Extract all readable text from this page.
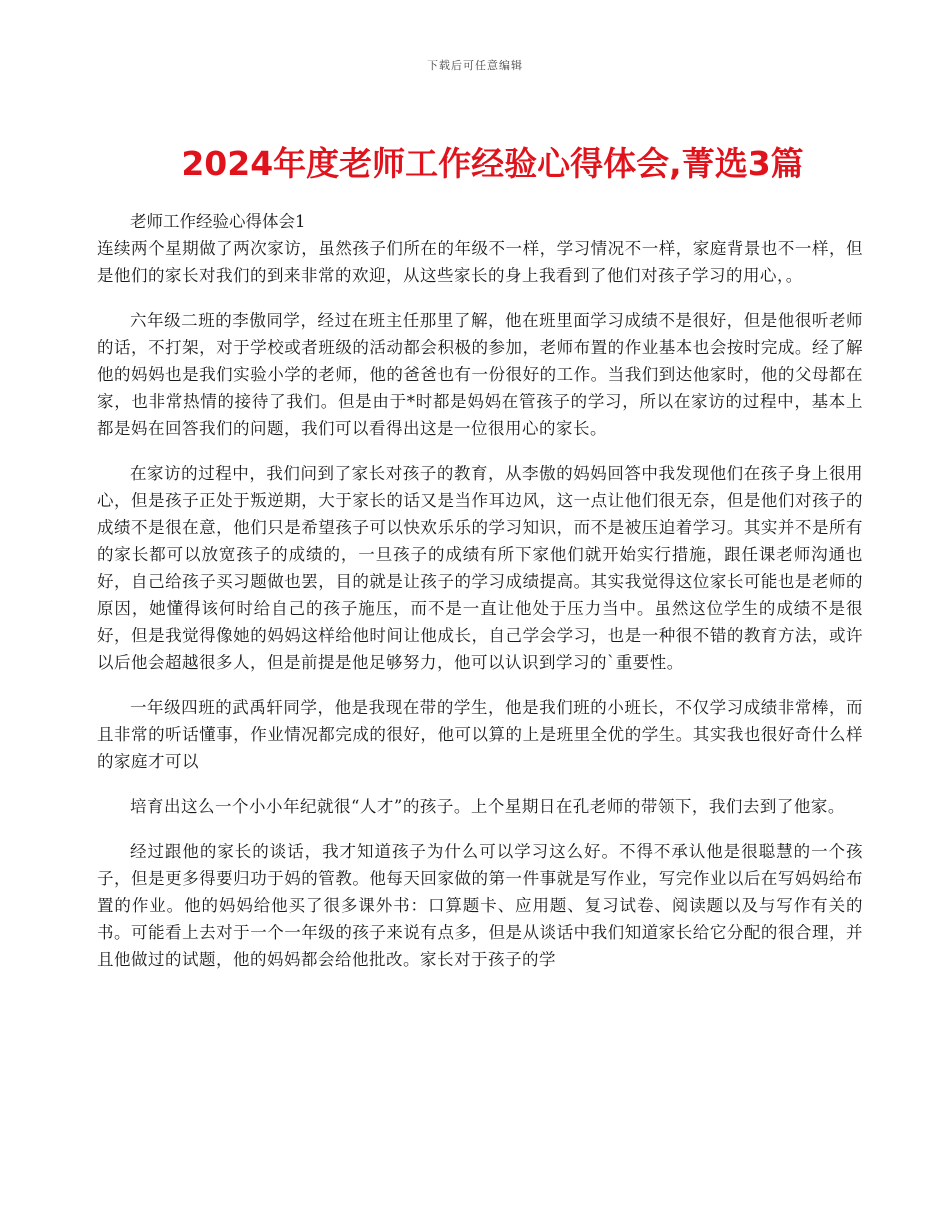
下载后可任意编辑
2024年度老师工作经验心得体会,菁选3篇
老师工作经验心得体会1

连续两个星期做了两次家访，虽然孩子们所在的年级不一样，学习情况不一样，家庭背景也不一样，但是他们的家长对我们的到来非常的欢迎，从这些家长的身上我看到了他们对孩子学习的用心，。

六年级二班的李傲同学，经过在班主任那里了解，他在班里面学习成绩不是很好，但是他很听老师的话，不打架，对于学校或者班级的活动都会积极的参加，老师布置的作业基本也会按时完成。经了解他的妈妈也是我们实验小学的老师，他的爸爸也有一份很好的工作。当我们到达他家时，他的父母都在家，也非常热情的接待了我们。但是由于*时都是妈妈在管孩子的学习，所以在家访的过程中，基本上都是妈在回答我们的问题，我们可以看得出这是一位很用心的家长。

在家访的过程中，我们问到了家长对孩子的教育，从李傲的妈妈回答中我发现他们在孩子身上很用心，但是孩子正处于叛逆期，大于家长的话又是当作耳边风，这一点让他们很无奈，但是他们对孩子的成绩不是很在意，他们只是希望孩子可以快欢乐乐的学习知识，而不是被压迫着学习。其实并不是所有的家长都可以放宽孩子的成绩的，一旦孩子的成绩有所下家他们就开始实行措施，跟任课老师沟通也好，自己给孩子买习题做也罢，目的就是让孩子的学习成绩提高。其实我觉得这位家长可能也是老师的原因，她懂得该何时给自己的孩子施压，而不是一直让他处于压力当中。虽然这位学生的成绩不是很好，但是我觉得像她的妈妈这样给他时间让他成长，自己学会学习，也是一种很不错的教育方法，或许以后他会超越很多人，但是前提是他足够努力，他可以认识到学习的`重要性。

一年级四班的武禹轩同学，他是我现在带的学生，他是我们班的小班长，不仅学习成绩非常棒，而且非常的听话懂事，作业情况都完成的很好，他可以算的上是班里全优的学生。其实我也很好奇什么样的家庭才可以

培育出这么一个小小年纪就很“人才”的孩子。上个星期日在孔老师的带领下，我们去到了他家。

经过跟他的家长的谈话，我才知道孩子为什么可以学习这么好。不得不承认他是很聪慧的一个孩子，但是更多得要归功于妈的管教。他每天回家做的第一件事就是写作业，写完作业以后在写妈妈给布置的作业。他的妈妈给他买了很多课外书：口算题卡、应用题、复习试卷、阅读题以及与写作有关的书。可能看上去对于一个一年级的孩子来说有点多，但是从谈话中我们知道家长给它分配的很合理，并且他做过的试题，他的妈妈都会给他批改。家长对于孩子的学
